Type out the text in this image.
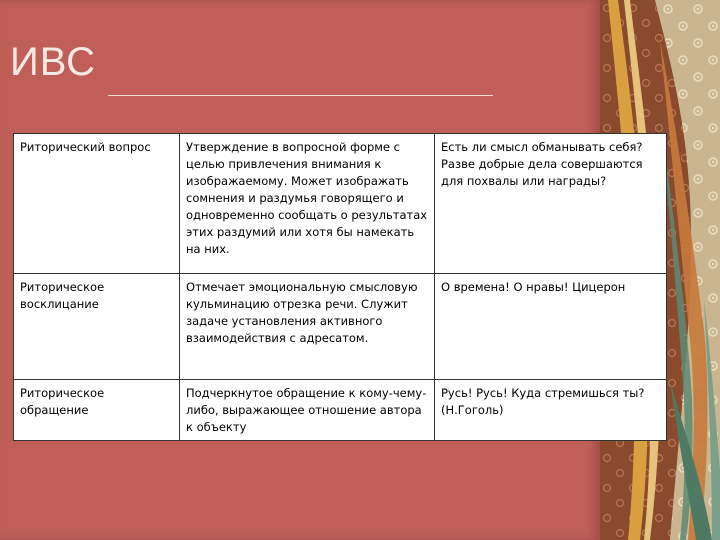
ИВС
Риторический вопрос	Утверждение в вопросной форме с целью привлечения внимания к изображаемому. Может изображать сомнения и раздумья говорящего и одновременно сообщать о результатах этих раздумий или хотя бы намекать на них.	Есть ли смысл обманывать себя? Разве добрые дела совершаются для похвалы или награды?
Риторическое восклицание	Отмечает эмоциональную смысловую кульминацию отрезка речи. Служит задаче установления активного взаимодействия с адресатом.	О времена! О нравы! Цицерон
Риторическое обращение	Подчеркнутое обращение к кому-чему-либо, выражающее отношение автора к объекту	Русь! Русь! Куда стремишься ты? (Н.Гоголь)
